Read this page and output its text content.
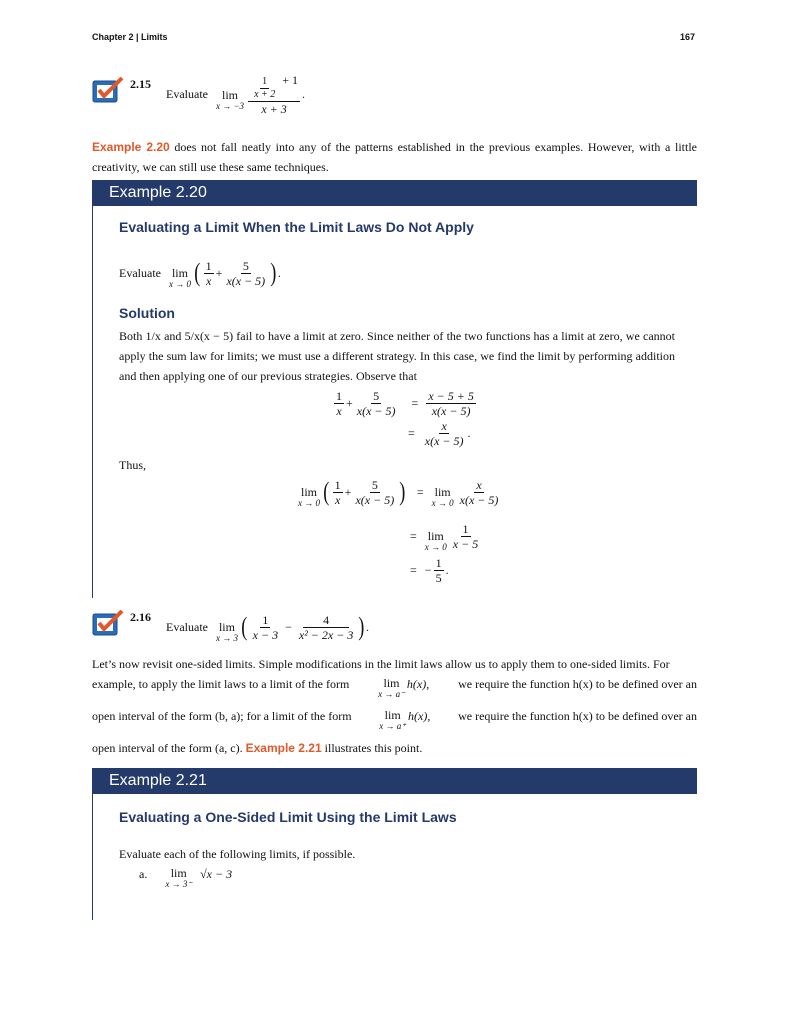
Chapter 2 | Limits	167
2.15
Evaluate lim
$x \to -3 \frac{\frac{1}{x + 2} + 1}{x + 3}$ .
Example 2.20 does not fall neatly into any of the patterns established in the previous examples. However, with a little creativity, we can still use these same techniques.
Example 2.20
Evaluating a Limit When the Limit Laws Do Not Apply
Evaluate lim
x → 0 ( $\frac{1}{x} + \frac{5}{x(x - 5)}$ ) .
Solution
Both 1/x and 5/x(x − 5) fail to have a limit at zero. Since neither of the two functions has a limit at zero, we cannot apply the sum law for limits; we must use a different strategy. In this case, we find the limit by performing addition and then applying one of our previous strategies. Observe that
$\frac{1}{x} + \frac{5}{x(x - 5)} = \frac{x - 5 + 5}{x(x - 5)}$
= $\frac{x}{x(x - 5)}$ .
Thus,
lim
x → 0 ( $\frac{1}{x} + \frac{5}{x(x - 5)}$ ) = lim
$x \to 0 \frac{x}{x(x - 5)}$
= lim
$x \to 0 \frac{1}{x - 5}$
= − $\frac{1}{5}$ .
2.16
Evaluate lim
x → 3 ( $\frac{1}{x - 3} - \frac{4}{\text{x² − 2x − 3}}$ ) .
Let’s now revisit one-sided limits. Simple modifications in the limit laws allow us to apply them to one-sided limits. For
example, to apply the limit laws to a limit of the form	lim
x → a⁻
h(x), we require the function h(x) to be defined over an
open interval of the form (b, a); for a limit of the form	lim
x → a⁺
h(x), we require the function h(x) to be defined over an
open interval of the form (a, c). Example 2.21 illustrates this point.
Example 2.21
Evaluating a One-Sided Limit Using the Limit Laws
Evaluate each of the following limits, if possible.
a. lim
x → 3⁻
√x − 3
